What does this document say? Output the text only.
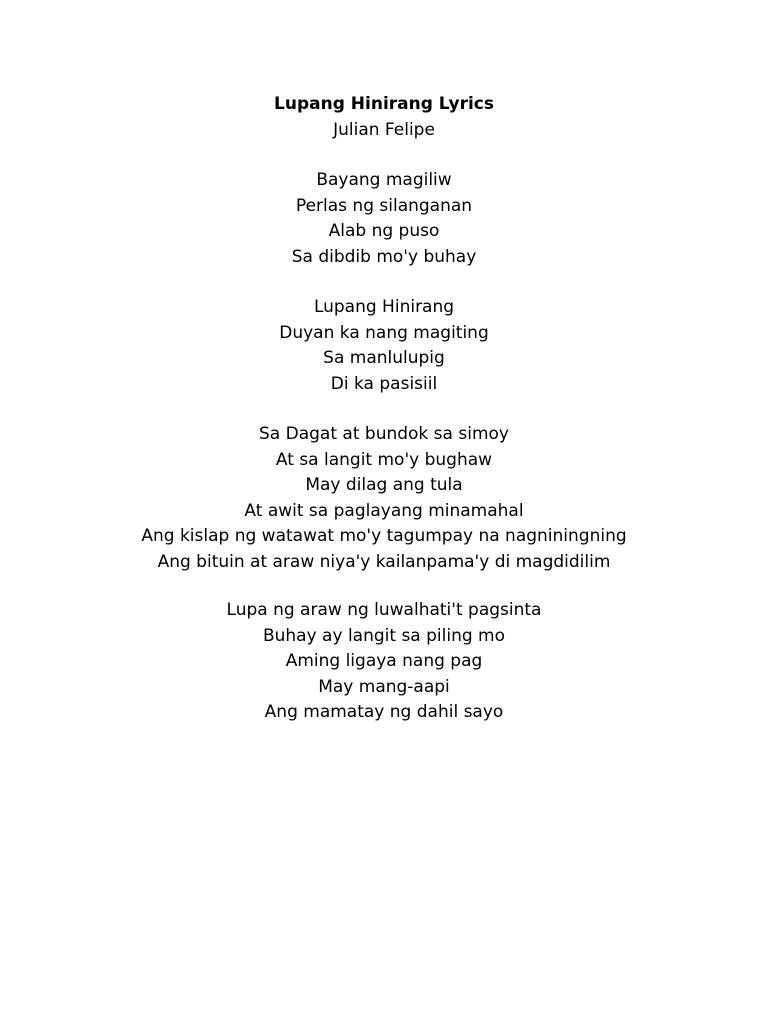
Lupang Hinirang Lyrics
Julian Felipe
Bayang magiliw
Perlas ng silanganan
Alab ng puso
Sa dibdib mo'y buhay
Lupang Hinirang
Duyan ka nang magiting
Sa manlulupig
Di ka pasisiil
Sa Dagat at bundok sa simoy
At sa langit mo'y bughaw
May dilag ang tula
At awit sa paglayang minamahal
Ang kislap ng watawat mo'y tagumpay na nagniningning
Ang bituin at araw niya'y kailanpama'y di magdidilim
Lupa ng araw ng luwalhati't pagsinta
Buhay ay langit sa piling mo
Aming ligaya nang pag
May mang-aapi
Ang mamatay ng dahil sayo
